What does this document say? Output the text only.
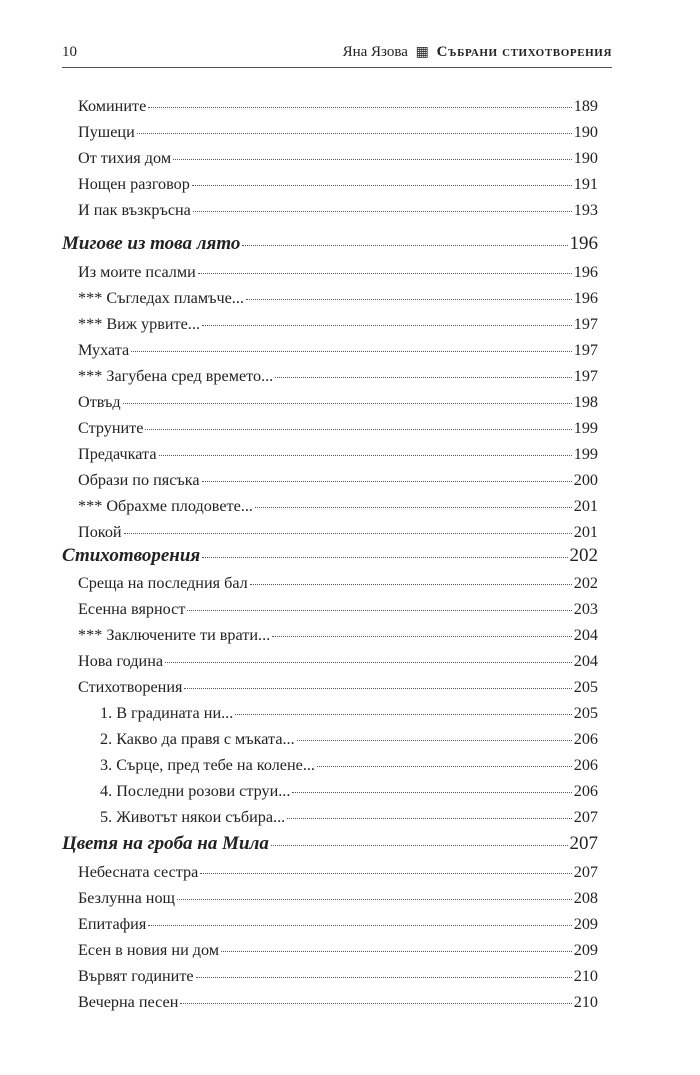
10	Яна Язова ▦ Събрани стихотворения
Комините	189
Пушеци	190
От тихия дом	190
Нощен разговор	191
И пак възкръсна	193
Мигове из това лято	196
Из моите псалми	196
*** Съгледах пламъче...	196
*** Виж урвите...	197
Мухата	197
*** Загубена сред времето...	197
Отвъд	198
Струните	199
Предачката	199
Образи по пясъка	200
*** Обрахме плодовете...	201
Покой	201
Стихотворения	202
Среща на последния бал	202
Есенна вярност	203
*** Заключените ти врати...	204
Нова година	204
Стихотворения	205
1. В градината ни...	205
2. Какво да правя с мъката...	206
3. Сърце, пред тебе на колене...	206
4. Последни розови струи...	206
5. Животът някои събира...	207
Цветя на гроба на Мила	207
Небесната сестра	207
Безлунна нощ	208
Епитафия	209
Есен в новия ни дом	209
Вървят годините	210
Вечерна песен	210
